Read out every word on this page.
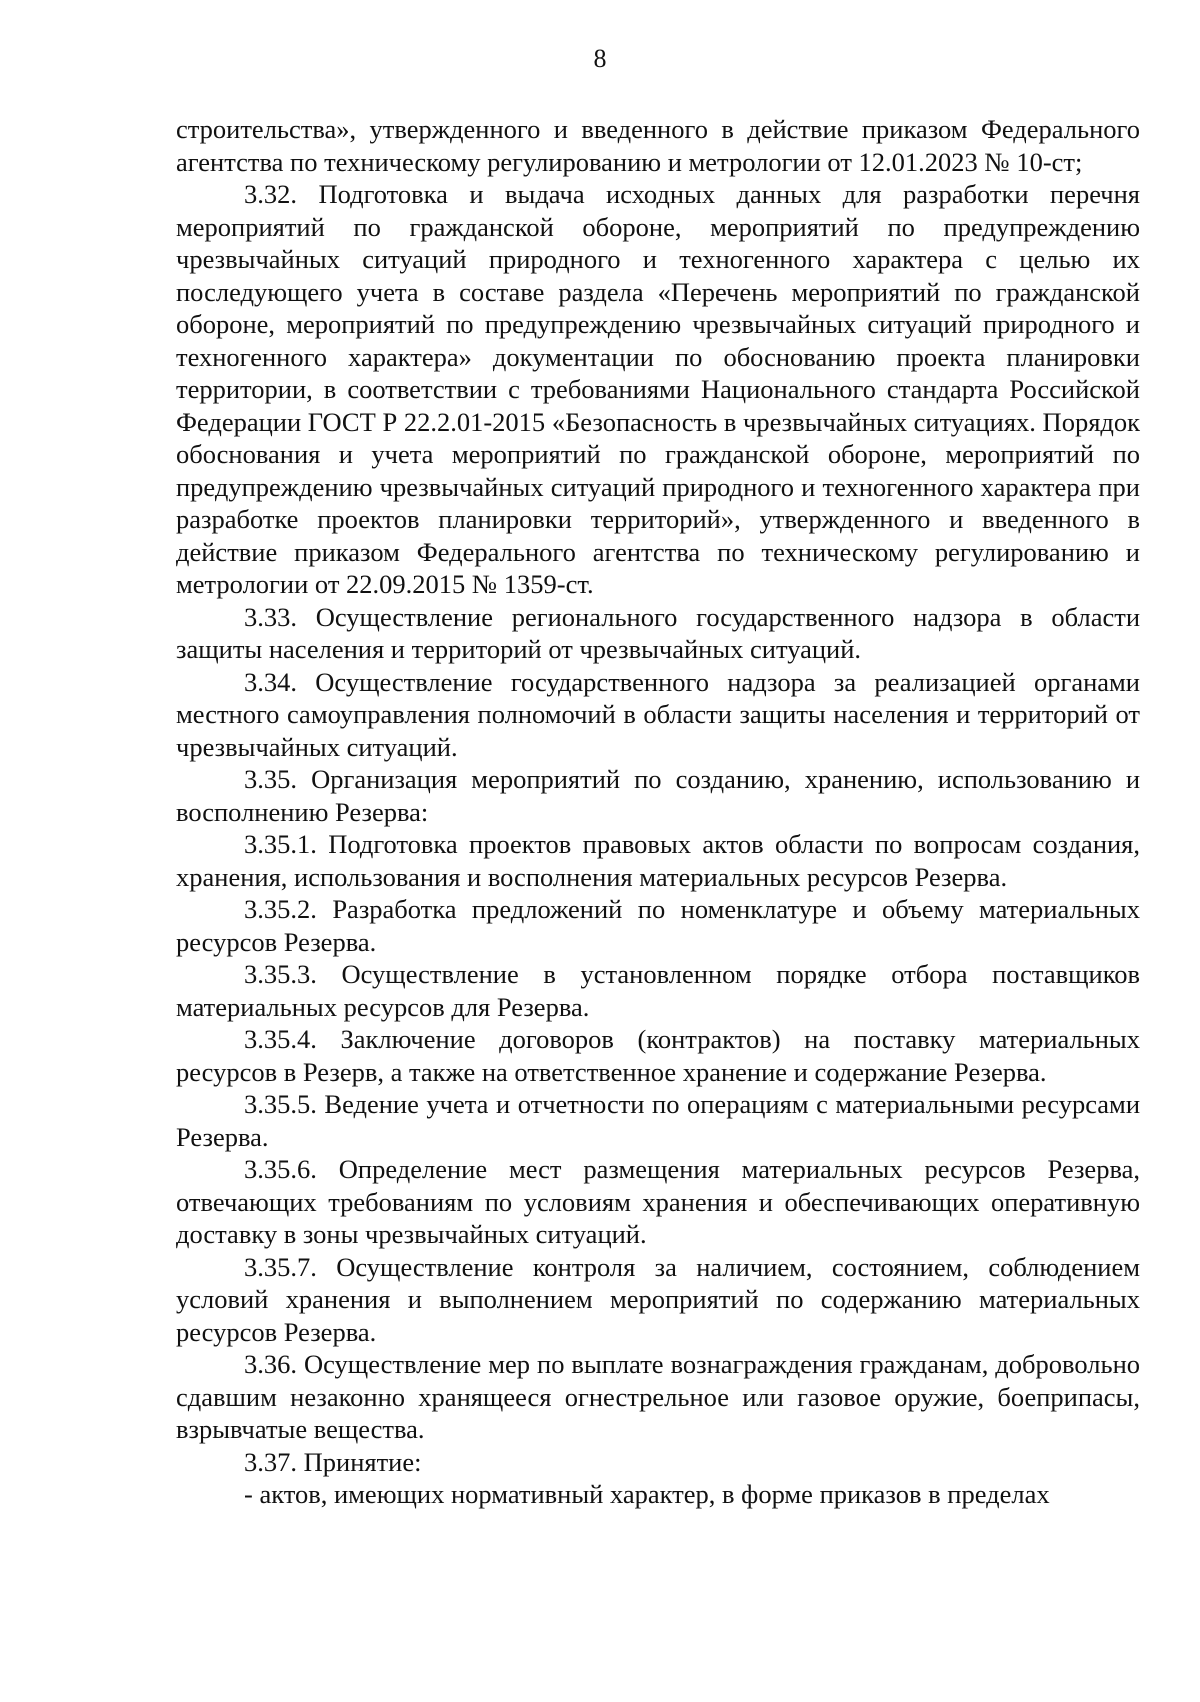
8

строительства», утвержденного и введенного в действие приказом Федерального агентства по техническому регулированию и метрологии от 12.01.2023 № 10-ст;

3.32. Подготовка и выдача исходных данных для разработки перечня мероприятий по гражданской обороне, мероприятий по предупреждению чрезвычайных ситуаций природного и техногенного характера с целью их последующего учета в составе раздела «Перечень мероприятий по гражданской обороне, мероприятий по предупреждению чрезвычайных ситуаций природного и техногенного характера» документации по обоснованию проекта планировки территории, в соответствии с требованиями Национального стандарта Российской Федерации ГОСТ Р 22.2.01-2015 «Безопасность в чрезвычайных ситуациях. Порядок обоснования и учета мероприятий по гражданской обороне, мероприятий по предупреждению чрезвычайных ситуаций природного и техногенного характера при разработке проектов планировки территорий», утвержденного и введенного в действие приказом Федерального агентства по техническому регулированию и метрологии от 22.09.2015 № 1359-ст.

3.33. Осуществление регионального государственного надзора в области защиты населения и территорий от чрезвычайных ситуаций.

3.34. Осуществление государственного надзора за реализацией органами местного самоуправления полномочий в области защиты населения и территорий от чрезвычайных ситуаций.

3.35. Организация мероприятий по созданию, хранению, использованию и восполнению Резерва:

3.35.1. Подготовка проектов правовых актов области по вопросам создания, хранения, использования и восполнения материальных ресурсов Резерва.

3.35.2. Разработка предложений по номенклатуре и объему материальных ресурсов Резерва.

3.35.3. Осуществление в установленном порядке отбора поставщиков материальных ресурсов для Резерва.

3.35.4. Заключение договоров (контрактов) на поставку материальных ресурсов в Резерв, а также на ответственное хранение и содержание Резерва.

3.35.5. Ведение учета и отчетности по операциям с материальными ресурсами Резерва.

3.35.6. Определение мест размещения материальных ресурсов Резерва, отвечающих требованиям по условиям хранения и обеспечивающих оперативную доставку в зоны чрезвычайных ситуаций.

3.35.7. Осуществление контроля за наличием, состоянием, соблюдением условий хранения и выполнением мероприятий по содержанию материальных ресурсов Резерва.

3.36. Осуществление мер по выплате вознаграждения гражданам, добровольно сдавшим незаконно хранящееся огнестрельное или газовое оружие, боеприпасы, взрывчатые вещества.

3.37. Принятие:

- актов, имеющих нормативный характер, в форме приказов в пределах
